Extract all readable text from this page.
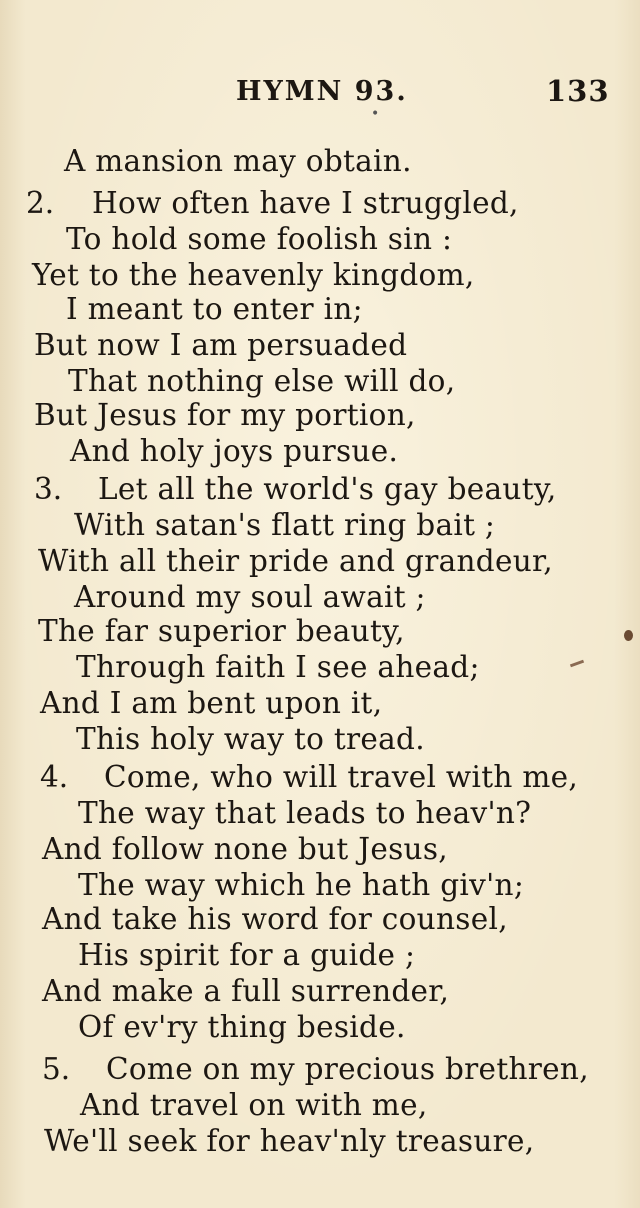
HYMN 93.	133
•
A mansion may obtain.
2. How often have I struggled,
To hold some foolish sin :
Yet to the heavenly kingdom,
I meant to enter in;
But now I am persuaded
That nothing else will do,
But Jesus for my portion,
And holy joys pursue.
3. Let all the world's gay beauty,
With satan's flatt ring bait ;
With all their pride and grandeur,
Around my soul await ;
The far superior beauty,
Through faith I see ahead;
And I am bent upon it,
This holy way to tread.
4. Come, who will travel with me,
The way that leads to heav'n?
And follow none but Jesus,
The way which he hath giv'n;
And take his word for counsel,
His spirit for a guide ;
And make a full surrender,
Of ev'ry thing beside.
5. Come on my precious brethren,
And travel on with me,
We'll seek for heav'nly treasure,
